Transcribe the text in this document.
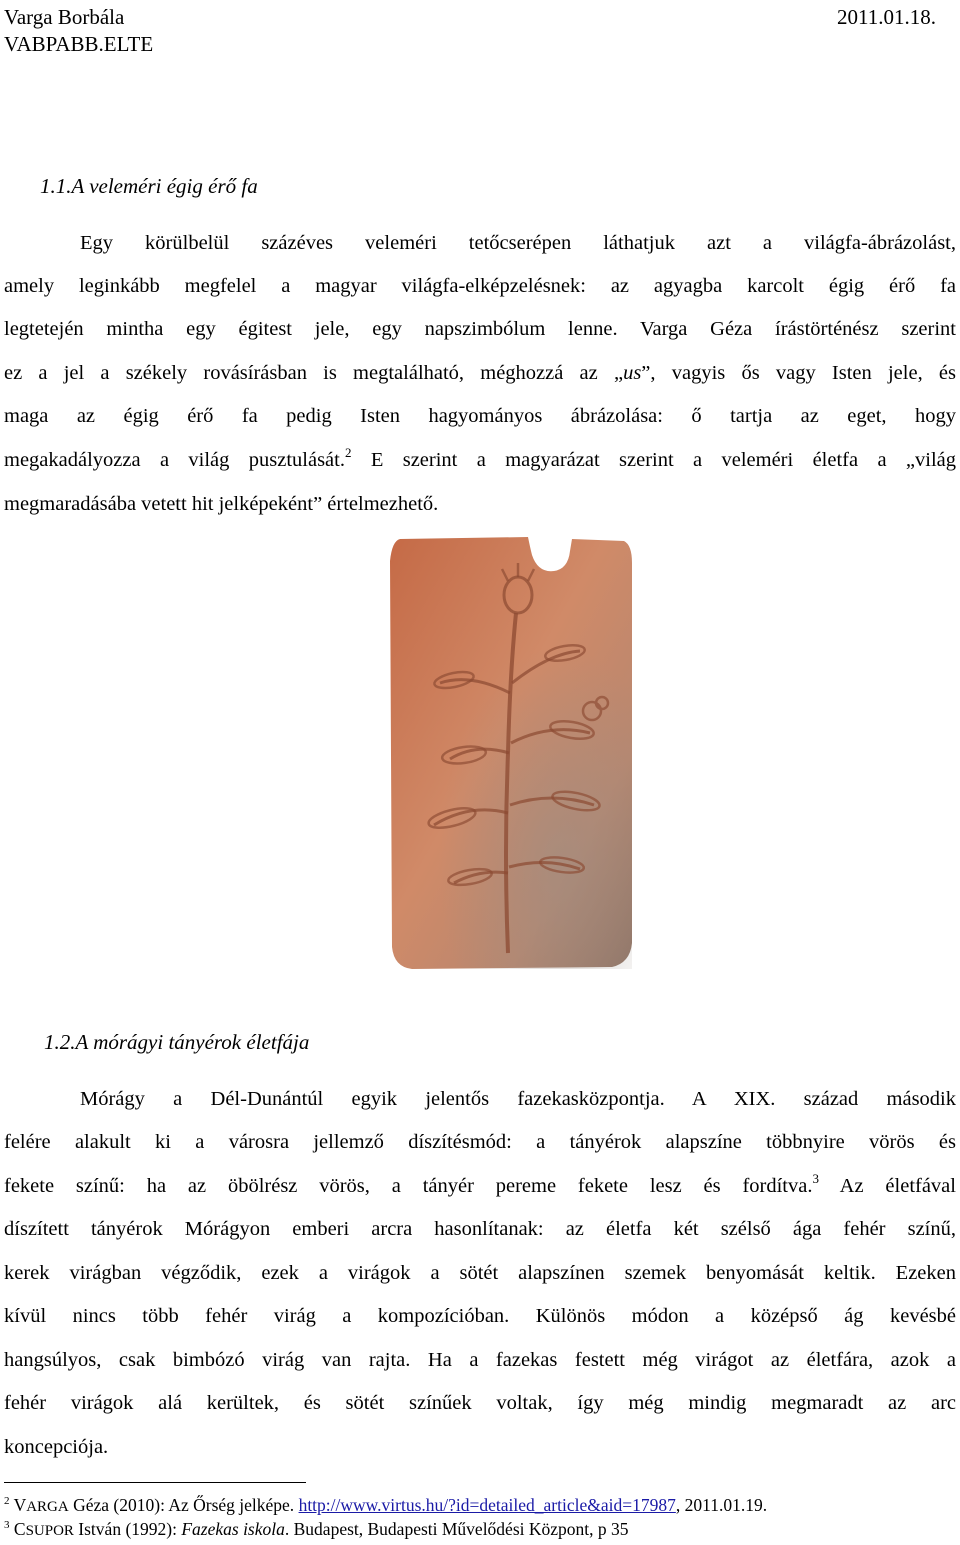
Varga Borbála
VABPABB.ELTE
2011.01.18.
1.1.A veleméri égig érő fa
Egy körülbelül százéves veleméri tetőcserépen láthatjuk azt a világfa-ábrázolást,
amely leginkább megfelel a magyar világfa-elképzelésnek: az agyagba karcolt égig érő fa
legtetején mintha egy égitest jele, egy napszimbólum lenne. Varga Géza írástörténész szerint
ez a jel a székely rovásírásban is megtalálható, méghozzá az „us”, vagyis ős vagy Isten jele, és
maga az égig érő fa pedig Isten hagyományos ábrázolása: ő tartja az eget, hogy
megakadályozza a világ pusztulását.$^2$ E szerint a magyarázat szerint a veleméri életfa a „világ
megmaradásába vetett hit jelképeként” értelmezhető.
1.2.A mórágyi tányérok életfája
Mórágy a Dél-Dunántúl egyik jelentős fazekasközpontja. A XIX. század második
felére alakult ki a városra jellemző díszítésmód: a tányérok alapszíne többnyire vörös és
fekete színű: ha az öbölrész vörös, a tányér pereme fekete lesz és fordítva.$^3$ Az életfával
díszített tányérok Mórágyon emberi arcra hasonlítanak: az életfa két szélső ága fehér színű,
kerek virágban végződik, ezek a virágok a sötét alapszínen szemek benyomását keltik. Ezeken
kívül nincs több fehér virág a kompozícióban. Különös módon a középső ág kevésbé
hangsúlyos, csak bimbózó virág van rajta. Ha a fazekas festett még virágot az életfára, azok a
fehér virágok alá kerültek, és sötét színűek voltak, így még mindig megmaradt az arc
koncepciója.
$^2$ VARGA Géza (2010): Az Őrség jelképe. http://www.virtus.hu/?id=detailed_article&aid=17987, 2011.01.19.
$^3$ CSUPOR István (1992): Fazekas iskola. Budapest, Budapesti Művelődési Központ, p 35
